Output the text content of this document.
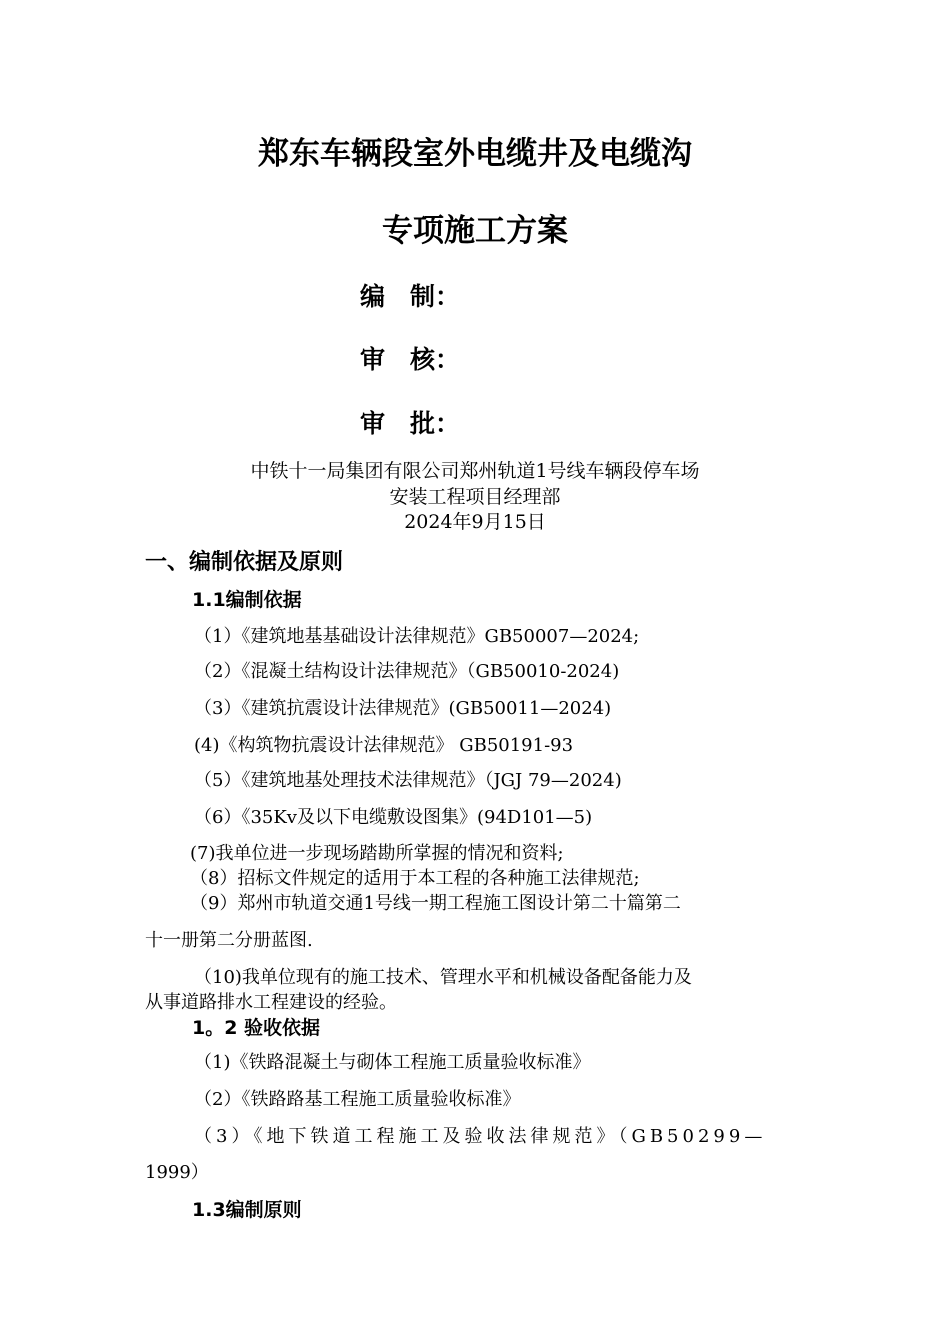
郑东车辆段室外电缆井及电缆沟
专项施工方案
编　制：
审　核：
审　批：
中铁十一局集团有限公司郑州轨道1号线车辆段停车场
安装工程项目经理部
2024年9月15日
一、编制依据及原则
1.1编制依据
（1）《建筑地基基础设计法律规范》GB50007—2024;
（2）《混凝土结构设计法律规范》（GB50010-2024)
（3）《建筑抗震设计法律规范》(GB50011—2024)
(4)《构筑物抗震设计法律规范》 GB50191-93
（5）《建筑地基处理技术法律规范》（JGJ 79—2024)
（6）《35Kv及以下电缆敷设图集》(94D101—5)
(7)我单位进一步现场踏勘所掌握的情况和资料;
（8）招标文件规定的适用于本工程的各种施工法律规范;
（9）郑州市轨道交通1号线一期工程施工图设计第二十篇第二
十一册第二分册蓝图.
（10)我单位现有的施工技术、管理水平和机械设备配备能力及
从事道路排水工程建设的经验。
1。2 验收依据
（1)《铁路混凝土与砌体工程施工质量验收标准》
（2）《铁路路基工程施工质量验收标准》
（3）《地下铁道工程施工及验收法律规范》（GB50299—
1999）
1.3编制原则
